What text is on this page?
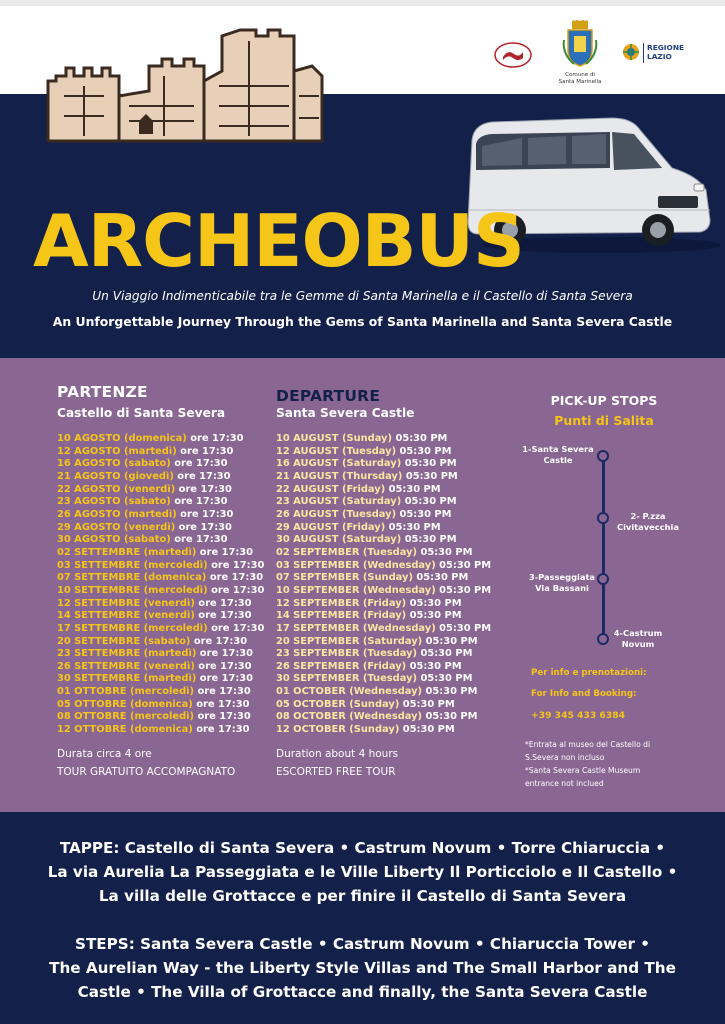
Comune di
Santa Marinella
REGIONE LAZIO
ARCHEOBUS
Un Viaggio Indimenticabile tra le Gemme di Santa Marinella e il Castello di Santa Severa
An Unforgettable Journey Through the Gems of Santa Marinella and Santa Severa Castle
PARTENZE
Castello di Santa Severa
10 AGOSTO (domenica) ore 17:30
12 AGOSTO (martedì) ore 17:30
16 AGOSTO (sabato) ore 17:30
21 AGOSTO (giovedì) ore 17:30
22 AGOSTO (venerdì) ore 17:30
23 AGOSTO (sabato) ore 17:30
26 AGOSTO (martedì) ore 17:30
29 AGOSTO (venerdì) ore 17:30
30 AGOSTO (sabato) ore 17:30
02 SETTEMBRE (martedì) ore 17:30
03 SETTEMBRE (mercoledì) ore 17:30
07 SETTEMBRE (domenica) ore 17:30
10 SETTEMBRE (mercoledì) ore 17:30
12 SETTEMBRE (venerdì) ore 17:30
14 SETTEMBRE (venerdì) ore 17:30
17 SETTEMBRE (mercoledì) ore 17:30
20 SETTEMBRE (sabato) ore 17:30
23 SETTEMBRE (martedì) ore 17:30
26 SETTEMBRE (venerdì) ore 17:30
30 SETTEMBRE (martedì) ore 17:30
01 OTTOBRE (mercoledì) ore 17:30
05 OTTOBRE (domenica) ore 17:30
08 OTTOBRE (mercoledì) ore 17:30
12 OTTOBRE (domenica) ore 17:30
Durata circa 4 ore
TOUR GRATUITO ACCOMPAGNATO
DEPARTURE
Santa Severa Castle
10 AUGUST (Sunday) 05:30 PM
12 AUGUST (Tuesday) 05:30 PM
16 AUGUST (Saturday) 05:30 PM
21 AUGUST (Thursday) 05:30 PM
22 AUGUST (Friday) 05:30 PM
23 AUGUST (Saturday) 05:30 PM
26 AUGUST (Tuesday) 05:30 PM
29 AUGUST (Friday) 05:30 PM
30 AUGUST (Saturday) 05:30 PM
02 SEPTEMBER (Tuesday) 05:30 PM
03 SEPTEMBER (Wednesday) 05:30 PM
07 SEPTEMBER (Sunday) 05:30 PM
10 SEPTEMBER (Wednesday) 05:30 PM
12 SEPTEMBER (Friday) 05:30 PM
14 SEPTEMBER (Friday) 05:30 PM
17 SEPTEMBER (Wednesday) 05:30 PM
20 SEPTEMBER (Saturday) 05:30 PM
23 SEPTEMBER (Tuesday) 05:30 PM
26 SEPTEMBER (Friday) 05:30 PM
30 SEPTEMBER (Tuesday) 05:30 PM
01 OCTOBER (Wednesday) 05:30 PM
05 OCTOBER (Sunday) 05:30 PM
08 OCTOBER (Wednesday) 05:30 PM
12 OCTOBER (Sunday) 05:30 PM
Duration about 4 hours
ESCORTED FREE TOUR
PICK-UP STOPS
Punti di Salita
1-Santa Severa
Castle
2- P.zza
Civitavecchia
3-Passeggiata
Via Bassani
4-Castrum
Novum
Per info e prenotazioni:
For Info and Booking:
+39 345 433 6384
*Entrata al museo del Castello di
S.Severa non incluso
*Santa Severa Castle Museum
entrance not inclued
TAPPE: Castello di Santa Severa • Castrum Novum • Torre Chiaruccia •
La via Aurelia La Passeggiata e le Ville Liberty Il Porticciolo e Il Castello •
La villa delle Grottacce e per finire il Castello di Santa Severa
STEPS: Santa Severa Castle • Castrum Novum • Chiaruccia Tower •
The Aurelian Way - the Liberty Style Villas and The Small Harbor and The
Castle • The Villa of Grottacce and finally, the Santa Severa Castle
